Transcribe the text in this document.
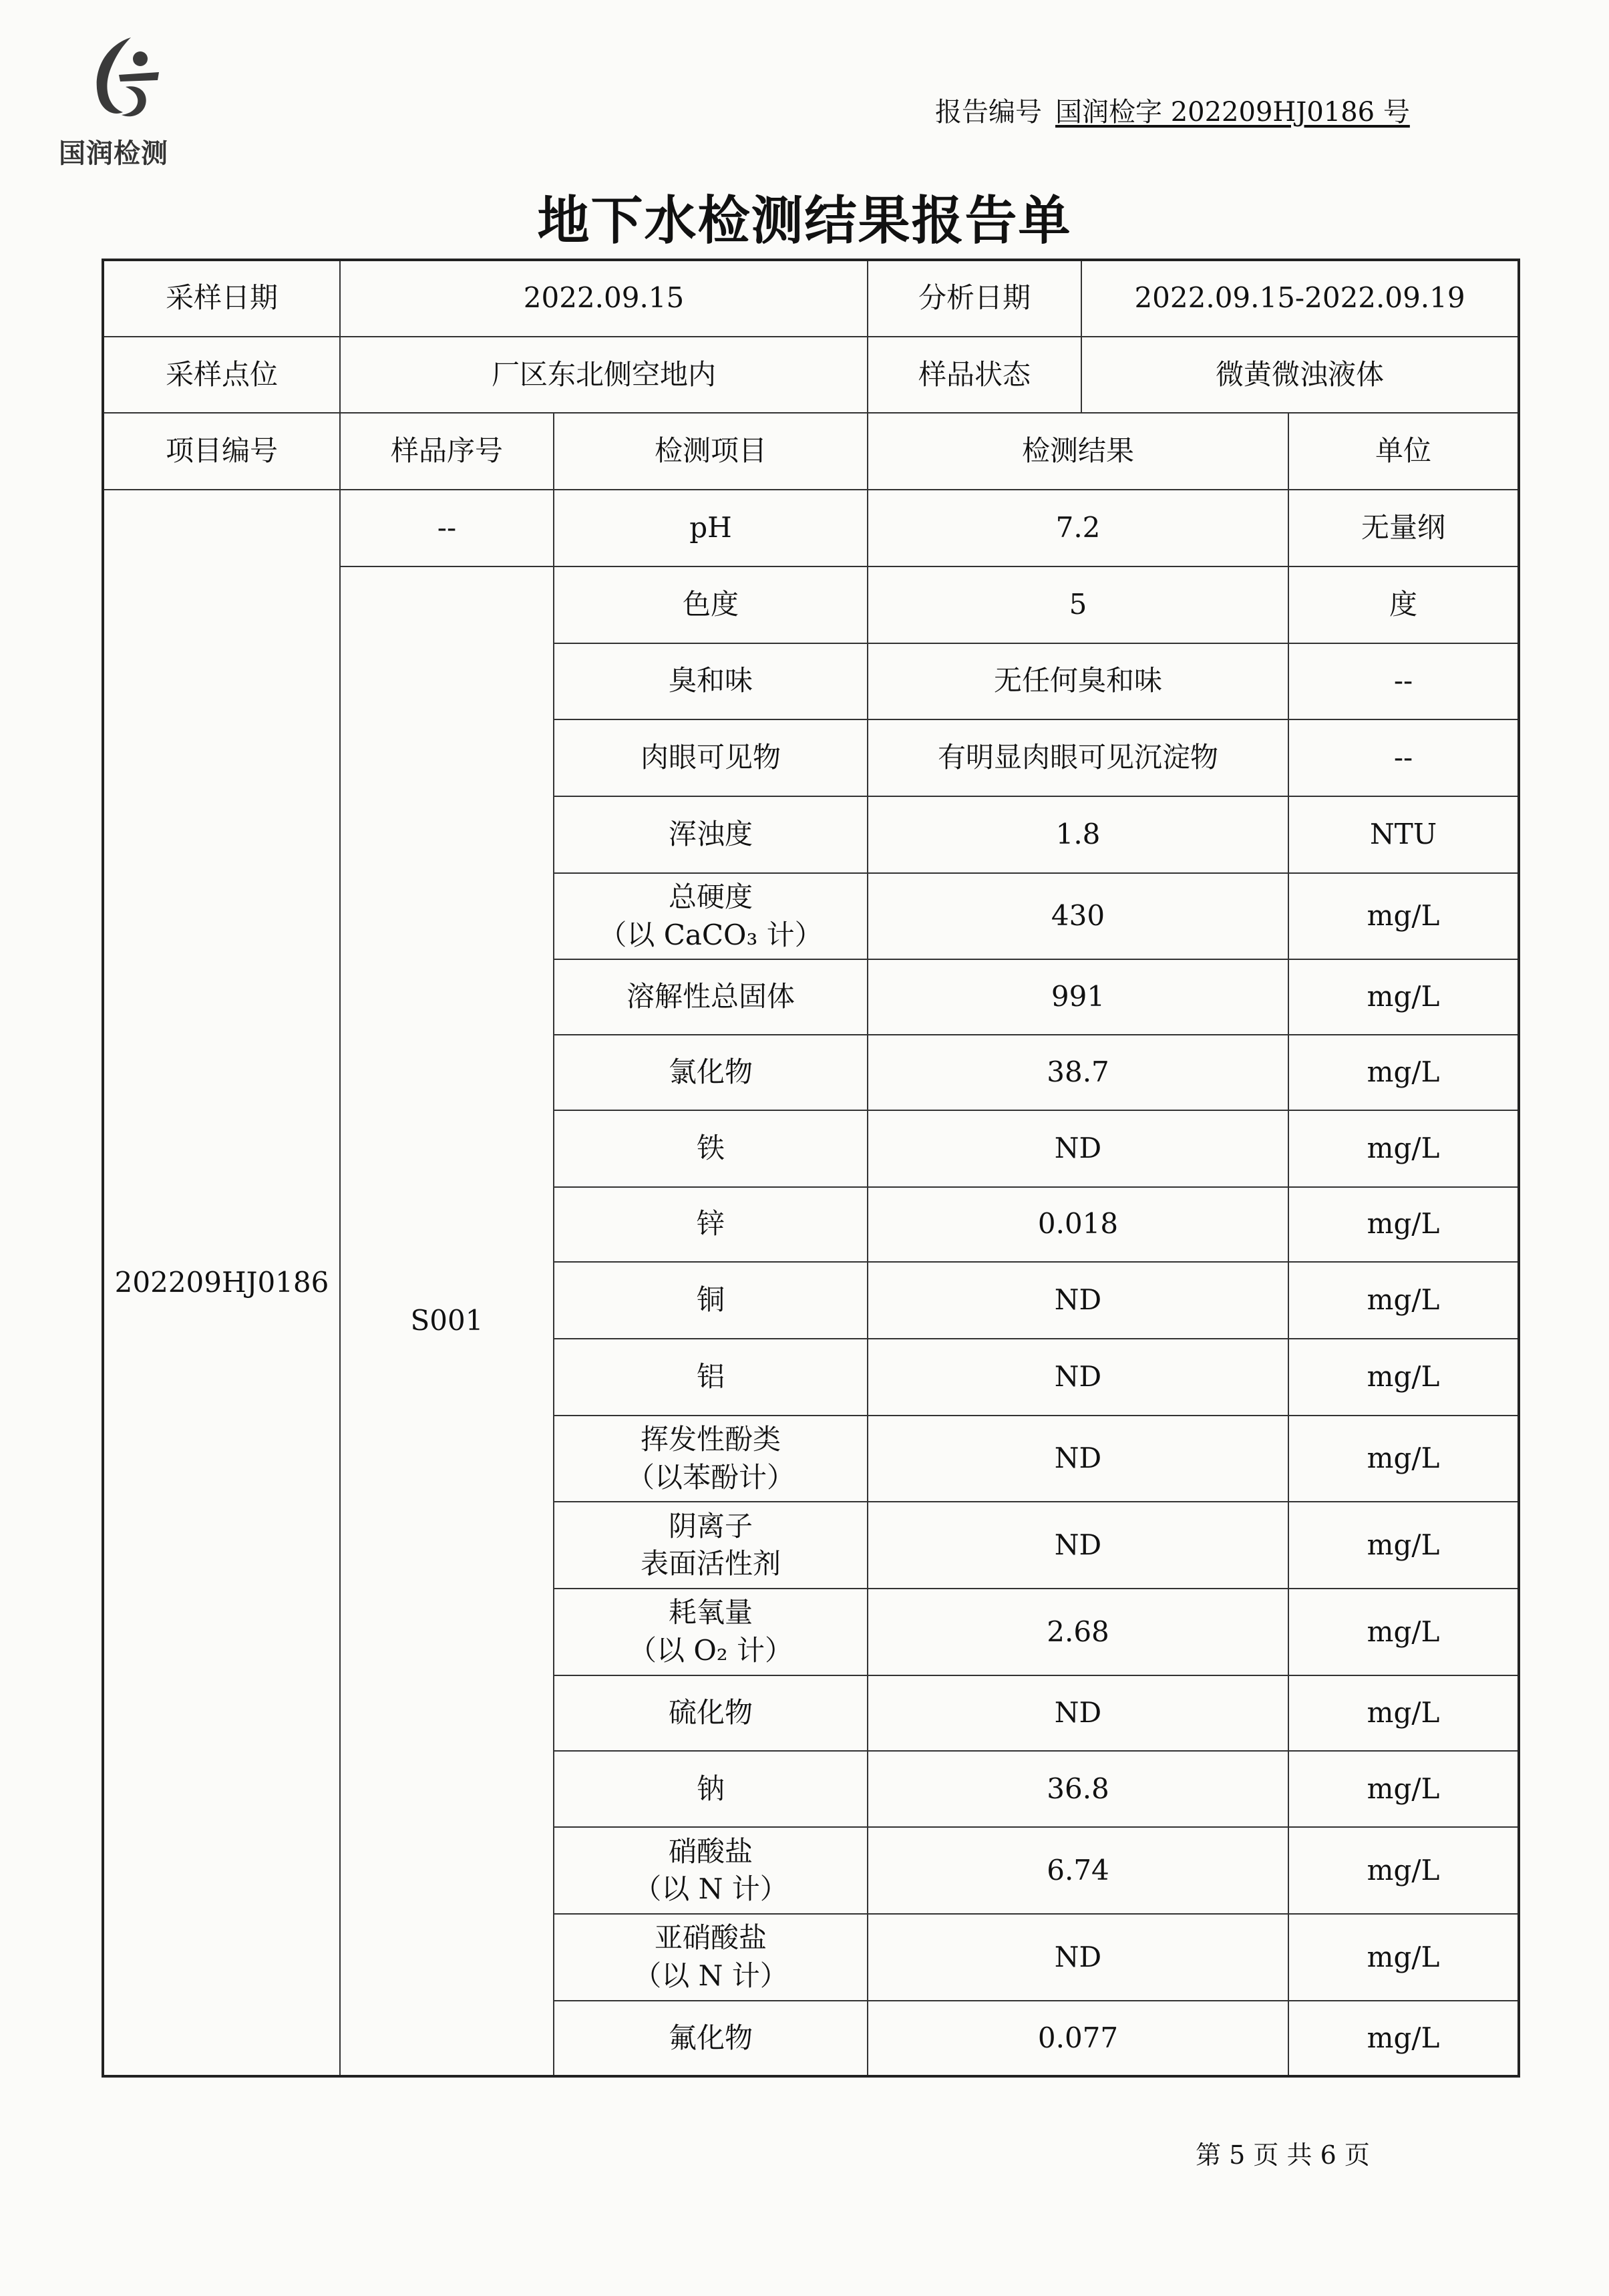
国润检测
报告编号 国润检字 202209HJ0186 号
地下水检测结果报告单
采样日期	2022.09.15		分析日期	2022.09.15-2022.09.19	
采样点位	厂区东北侧空地内		样品状态	微黄微浊液体	
项目编号	样品序号	检测项目	检测结果		单位
202209HJ0186	--	pH	7.2		无量纲
	S001	色度	5		度

		臭和味	无任何臭和味		--

		肉眼可见物	有明显肉眼可见沉淀物		--

		浑浊度	1.8		NTU

		总硬度
（以 CaCO₃ 计）	430		mg/L

		溶解性总固体	991		mg/L

		氯化物	38.7		mg/L

		铁	ND		mg/L

		锌	0.018		mg/L

		铜	ND		mg/L

		铝	ND		mg/L

		挥发性酚类
（以苯酚计）	ND		mg/L

		阴离子
表面活性剂	ND		mg/L

		耗氧量
（以 O₂ 计）	2.68		mg/L

		硫化物	ND		mg/L

		钠	36.8		mg/L

		硝酸盐
（以 N 计）	6.74		mg/L

		亚硝酸盐
（以 N 计）	ND		mg/L

		氟化物	0.077		mg/L
第 5 页 共 6 页
